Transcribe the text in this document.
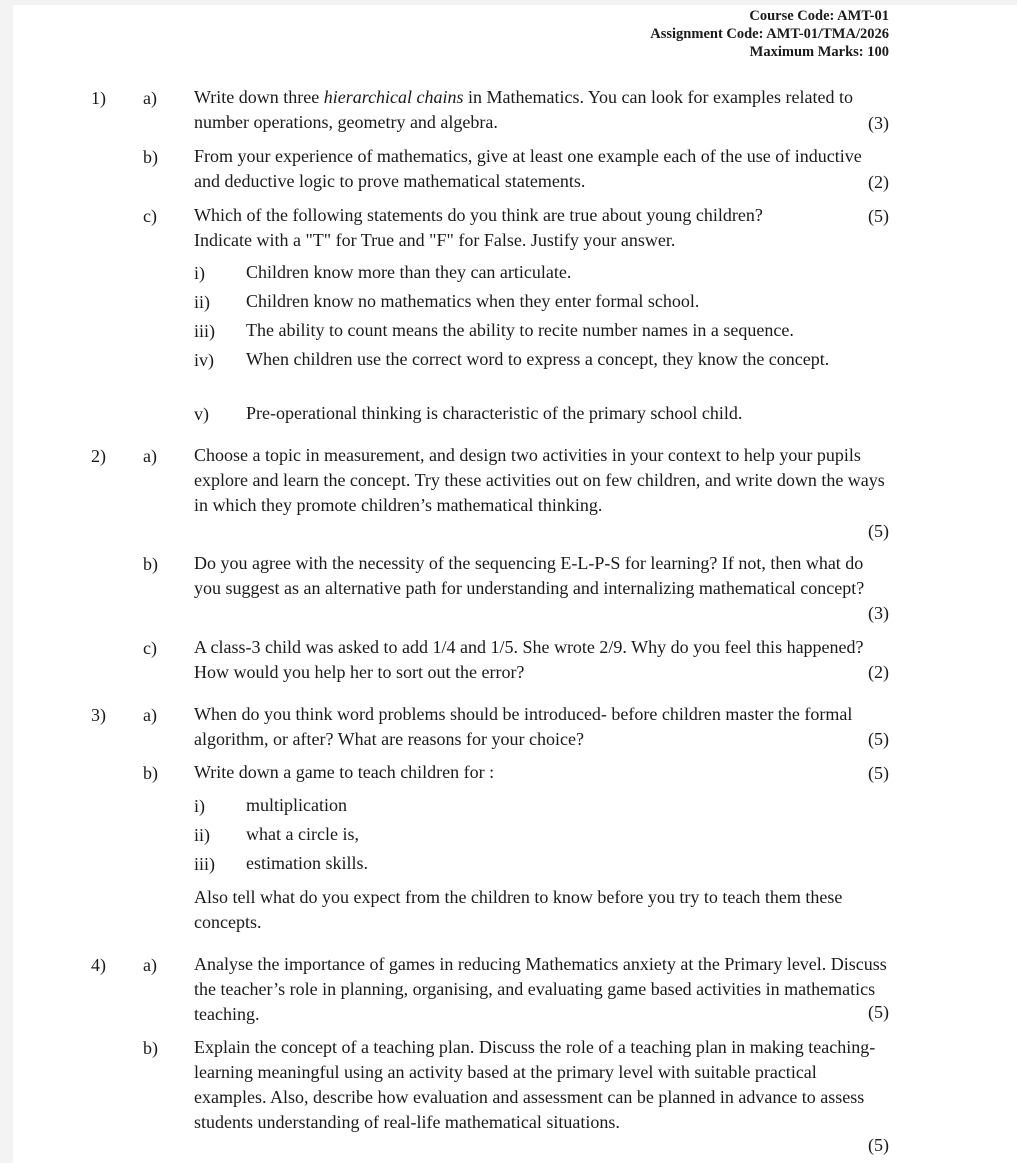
Course Code: AMT-01
Assignment Code: AMT-01/TMA/2026
Maximum Marks: 100
1) a) Write down three hierarchical chains in Mathematics. You can look for examples related to number operations, geometry and algebra.	(3)
b) From your experience of mathematics, give at least one example each of the use of inductive and deductive logic to prove mathematical statements.	(2)
c) Which of the following statements do you think are true about young children?
Indicate with a "T" for True and "F" for False. Justify your answer.
(5)
i) Children know more than they can articulate.
ii) Children know no mathematics when they enter formal school.
iii) The ability to count means the ability to recite number names in a sequence.
iv) When children use the correct word to express a concept, they know the concept.
v) Pre-operational thinking is characteristic of the primary school child.
2) a) Choose a topic in measurement, and design two activities in your context to help your pupils explore and learn the concept. Try these activities out on few children, and write down the ways in which they promote children’s mathematical thinking.
(5)
b) Do you agree with the necessity of the sequencing E-L-P-S for learning? If not, then what do you suggest as an alternative path for understanding and internalizing mathematical concept?
(3)
c) A class-3 child was asked to add 1/4 and 1/5. She wrote 2/9. Why do you feel this happened? How would you help her to sort out the error?	(2)
3) a) When do you think word problems should be introduced- before children master the formal algorithm, or after? What are reasons for your choice?	(5)
b) Write down a game to teach children for :	(5)
i) multiplication
ii) what a circle is,
iii) estimation skills.
Also tell what do you expect from the children to know before you try to teach them these concepts.
4) a) Analyse the importance of games in reducing Mathematics anxiety at the Primary level. Discuss the teacher’s role in planning, organising, and evaluating game based activities in mathematics teaching.	(5)
b) Explain the concept of a teaching plan. Discuss the role of a teaching plan in making teaching-learning meaningful using an activity based at the primary level with suitable practical examples. Also, describe how evaluation and assessment can be planned in advance to assess students understanding of real-life mathematical situations.
(5)
